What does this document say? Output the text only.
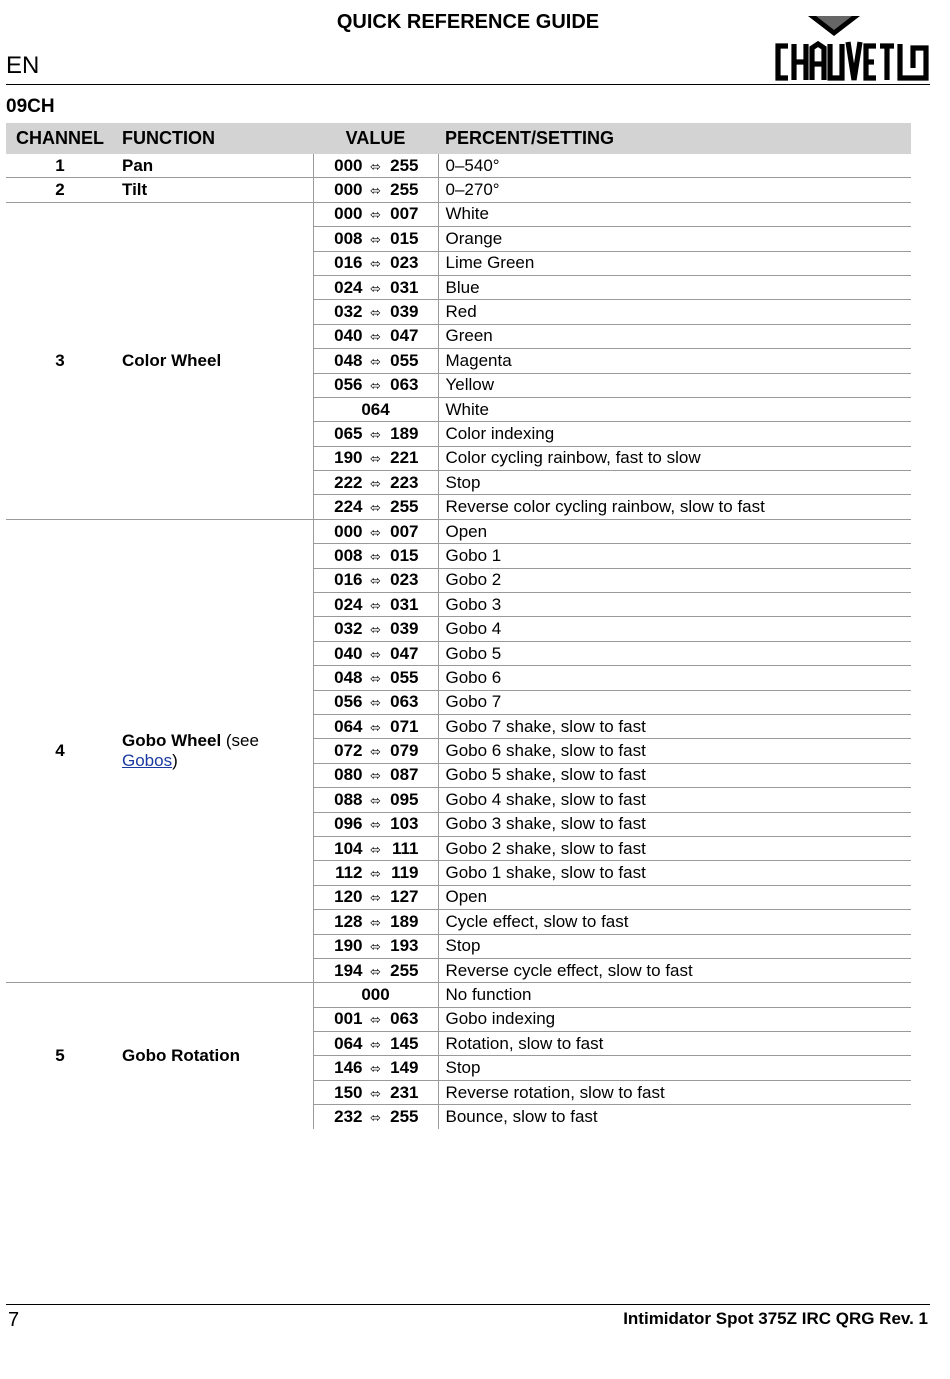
QUICK REFERENCE GUIDE
EN
09CH
CHANNEL	FUNCTION	VALUE	PERCENT/SETTING
1	Pan	000 ⬄ 255	0–540°
2	Tilt	000 ⬄ 255	0–270°
3	Color Wheel	000 ⬄ 007	White
		008 ⬄ 015	Orange
		016 ⬄ 023	Lime Green
		024 ⬄ 031	Blue
		032 ⬄ 039	Red
		040 ⬄ 047	Green
		048 ⬄ 055	Magenta
		056 ⬄ 063	Yellow
		064	White
		065 ⬄ 189	Color indexing
		190 ⬄ 221	Color cycling rainbow, fast to slow
		222 ⬄ 223	Stop
		224 ⬄ 255	Reverse color cycling rainbow, slow to fast
4	Gobo Wheel (see Gobos)	000 ⬄ 007	Open
		008 ⬄ 015	Gobo 1
		016 ⬄ 023	Gobo 2
		024 ⬄ 031	Gobo 3
		032 ⬄ 039	Gobo 4
		040 ⬄ 047	Gobo 5
		048 ⬄ 055	Gobo 6
		056 ⬄ 063	Gobo 7
		064 ⬄ 071	Gobo 7 shake, slow to fast
		072 ⬄ 079	Gobo 6 shake, slow to fast
		080 ⬄ 087	Gobo 5 shake, slow to fast
		088 ⬄ 095	Gobo 4 shake, slow to fast
		096 ⬄ 103	Gobo 3 shake, slow to fast
		104 ⬄ 111	Gobo 2 shake, slow to fast
		112 ⬄ 119	Gobo 1 shake, slow to fast
		120 ⬄ 127	Open
		128 ⬄ 189	Cycle effect, slow to fast
		190 ⬄ 193	Stop
		194 ⬄ 255	Reverse cycle effect, slow to fast
5	Gobo Rotation	000	No function
		001 ⬄ 063	Gobo indexing
		064 ⬄ 145	Rotation, slow to fast
		146 ⬄ 149	Stop
		150 ⬄ 231	Reverse rotation, slow to fast
		232 ⬄ 255	Bounce, slow to fast
7	Intimidator Spot 375Z IRC QRG Rev. 1
